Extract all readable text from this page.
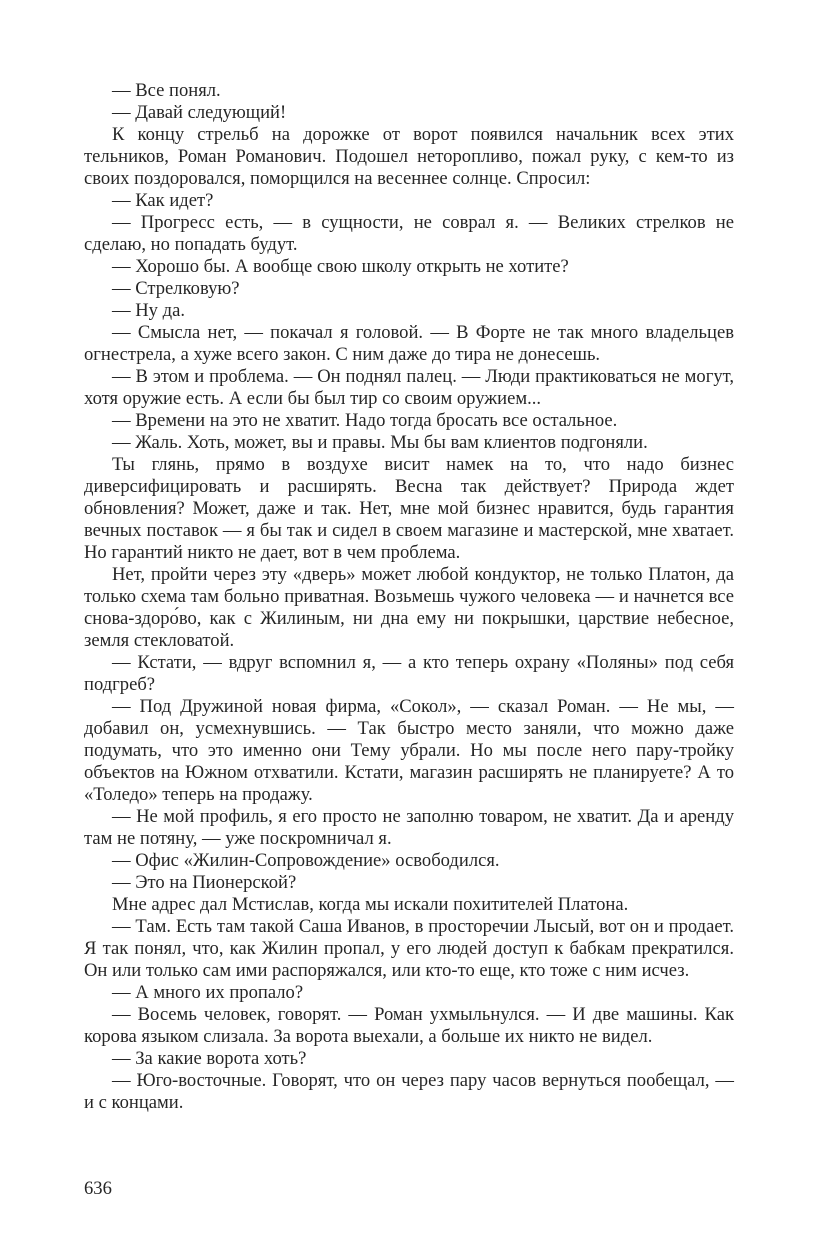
— Все понял.

— Давай следующий!

К концу стрельб на дорожке от ворот появился начальник всех этих тельников, Роман Романович. Подошел неторопливо, пожал руку, с кем-то из своих поздоровался, поморщился на весеннее солнце. Спросил:

— Как идет?

— Прогресс есть, — в сущности, не соврал я. — Великих стрелков не сделаю, но попадать будут.

— Хорошо бы. А вообще свою школу открыть не хотите?

— Стрелковую?

— Ну да.

— Смысла нет, — покачал я головой. — В Форте не так много владельцев огнестрела, а хуже всего закон. С ним даже до тира не донесешь.

— В этом и проблема. — Он поднял палец. — Люди практиковаться не могут, хотя оружие есть. А если бы был тир со своим оружием...

— Времени на это не хватит. Надо тогда бросать все остальное.

— Жаль. Хоть, может, вы и правы. Мы бы вам клиентов подгоняли.

Ты глянь, прямо в воздухе висит намек на то, что надо бизнес диверсифицировать и расширять. Весна так действует? Природа ждет обновления? Может, даже и так. Нет, мне мой бизнес нравится, будь гарантия вечных поставок — я бы так и сидел в своем магазине и мастерской, мне хватает. Но гарантий никто не дает, вот в чем проблема.

Нет, пройти через эту «дверь» может любой кондуктор, не только Платон, да только схема там больно приватная. Возьмешь чужого человека — и начнется все снова-здоро́во, как с Жилиным, ни дна ему ни покрышки, царствие небесное, земля стекловатой.

— Кстати, — вдруг вспомнил я, — а кто теперь охрану «Поляны» под себя подгреб?

— Под Дружиной новая фирма, «Сокол», — сказал Роман. — Не мы, — добавил он, усмехнувшись. — Так быстро место заняли, что можно даже подумать, что это именно они Тему убрали. Но мы после него пару-тройку объектов на Южном отхватили. Кстати, магазин расширять не планируете? А то «Толедо» теперь на продажу.

— Не мой профиль, я его просто не заполню товаром, не хватит. Да и аренду там не потяну, — уже поскромничал я.

— Офис «Жилин-Сопровождение» освободился.

— Это на Пионерской?

Мне адрес дал Мстислав, когда мы искали похитителей Платона.

— Там. Есть там такой Саша Иванов, в просторечии Лысый, вот он и продает. Я так понял, что, как Жилин пропал, у его людей доступ к бабкам прекратился. Он или только сам ими распоряжался, или кто-то еще, кто тоже с ним исчез.

— А много их пропало?

— Восемь человек, говорят. — Роман ухмыльнулся. — И две машины. Как корова языком слизала. За ворота выехали, а больше их никто не видел.

— За какие ворота хоть?

— Юго-восточные. Говорят, что он через пару часов вернуться пообещал, — и с концами.

636
